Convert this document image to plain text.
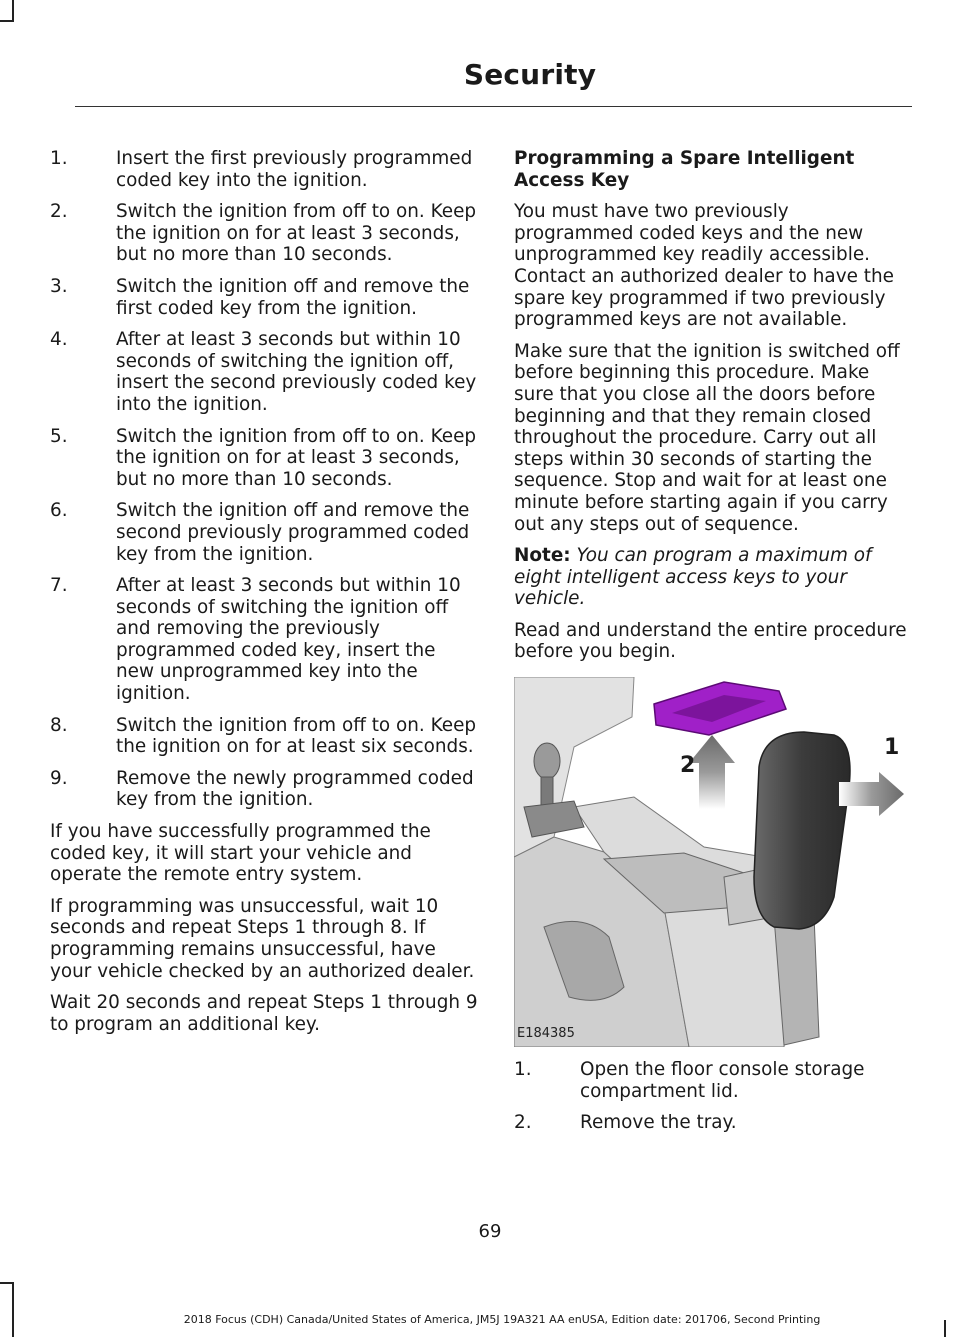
Security
1.	Insert the first previously programmed coded key into the ignition.
2.	Switch the ignition from off to on. Keep the ignition on for at least 3 seconds, but no more than 10 seconds.
3.	Switch the ignition off and remove the first coded key from the ignition.
4.	After at least 3 seconds but within 10 seconds of switching the ignition off, insert the second previously coded key into the ignition.
5.	Switch the ignition from off to on. Keep the ignition on for at least 3 seconds, but no more than 10 seconds.
6.	Switch the ignition off and remove the second previously programmed coded key from the ignition.
7.	After at least 3 seconds but within 10 seconds of switching the ignition off and removing the previously programmed coded key, insert the new unprogrammed key into the ignition.
8.	Switch the ignition from off to on. Keep the ignition on for at least six seconds.
9.	Remove the newly programmed coded key from the ignition.

If you have successfully programmed the coded key, it will start your vehicle and operate the remote entry system.

If programming was unsuccessful, wait 10 seconds and repeat Steps 1 through 8. If programming remains unsuccessful, have your vehicle checked by an authorized dealer.

Wait 20 seconds and repeat Steps 1 through 9 to program an additional key.

Programming a Spare Intelligent Access Key

You must have two previously programmed coded keys and the new unprogrammed key readily accessible. Contact an authorized dealer to have the spare key programmed if two previously programmed keys are not available.

Make sure that the ignition is switched off before beginning this procedure. Make sure that you close all the doors before beginning and that they remain closed throughout the procedure. Carry out all steps within 30 seconds of starting the sequence. Stop and wait for at least one minute before starting again if you carry out any steps out of sequence.

Note: You can program a maximum of eight intelligent access keys to your vehicle.

Read and understand the entire procedure before you begin.

2
1
E184385
1.	Open the floor console storage compartment lid.
2.	Remove the tray.
69
2018 Focus (CDH) Canada/United States of America, JM5J 19A321 AA enUSA, Edition date: 201706, Second Printing
